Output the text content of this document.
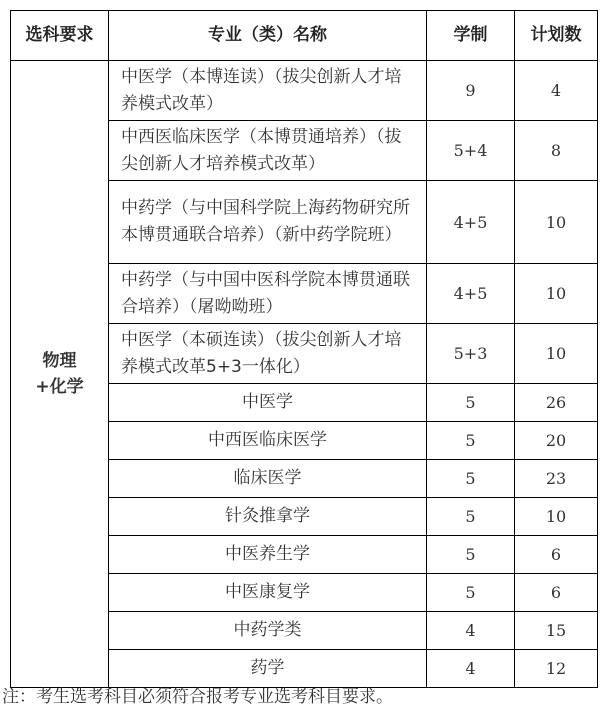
选科要求	专业（类）名称	学制	计划数
物理+化学	中医学（本博连读）（拔尖创新人才培养模式改革）	9	4
	中西医临床医学（本博贯通培养）（拔尖创新人才培养模式改革）	5+4	8
	中药学（与中国科学院上海药物研究所本博贯通联合培养）（新中药学院班）	4+5	10
	中药学（与中国中医科学院本博贯通联合培养）（屠呦呦班）	4+5	10
	中医学（本硕连读）（拔尖创新人才培养模式改革5+3一体化）	5+3	10
	中医学	5	26
	中西医临床医学	5	20
	临床医学	5	23
	针灸推拿学	5	10
	中医养生学	5	6
	中医康复学	5	6
	中药学类	4	15
	药学	4	12
注：考生选考科目必须符合报考专业选考科目要求。
